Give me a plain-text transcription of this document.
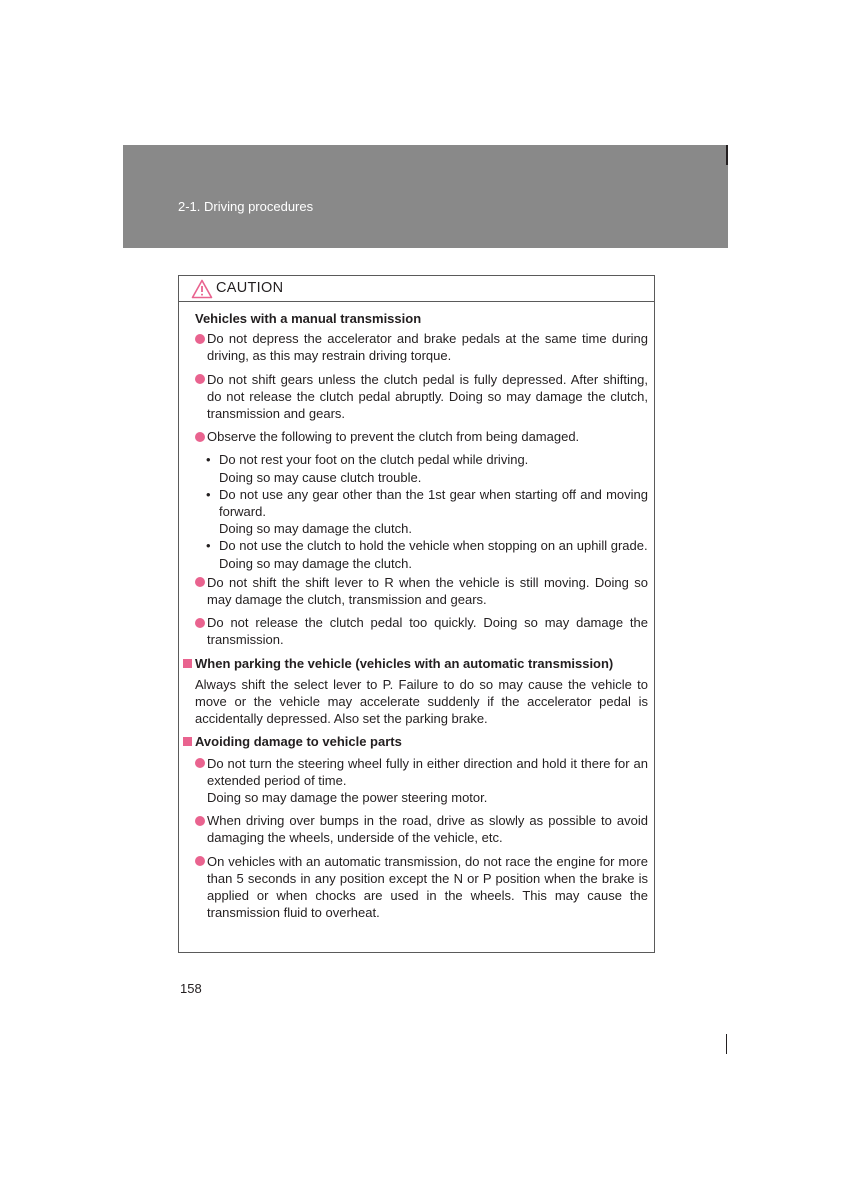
2-1. Driving procedures
CAUTION
Vehicles with a manual transmission
Do not depress the accelerator and brake pedals at the same time during driving, as this may restrain driving torque.
Do not shift gears unless the clutch pedal is fully depressed. After shifting, do not release the clutch pedal abruptly. Doing so may damage the clutch, transmission and gears.
Observe the following to prevent the clutch from being damaged.
• Do not rest your foot on the clutch pedal while driving.
Doing so may cause clutch trouble.
• Do not use any gear other than the 1st gear when starting off and moving forward.
Doing so may damage the clutch.
• Do not use the clutch to hold the vehicle when stopping on an uphill grade.
Doing so may damage the clutch.
Do not shift the shift lever to R when the vehicle is still moving. Doing so may damage the clutch, transmission and gears.
Do not release the clutch pedal too quickly. Doing so may damage the transmission.
When parking the vehicle (vehicles with an automatic transmission)
Always shift the select lever to P. Failure to do so may cause the vehicle to move or the vehicle may accelerate suddenly if the accelerator pedal is accidentally depressed. Also set the parking brake.
Avoiding damage to vehicle parts
Do not turn the steering wheel fully in either direction and hold it there for an extended period of time.
Doing so may damage the power steering motor.
When driving over bumps in the road, drive as slowly as possible to avoid damaging the wheels, underside of the vehicle, etc.
On vehicles with an automatic transmission, do not race the engine for more than 5 seconds in any position except the N or P position when the brake is applied or when chocks are used in the wheels. This may cause the transmission fluid to overheat.
158
